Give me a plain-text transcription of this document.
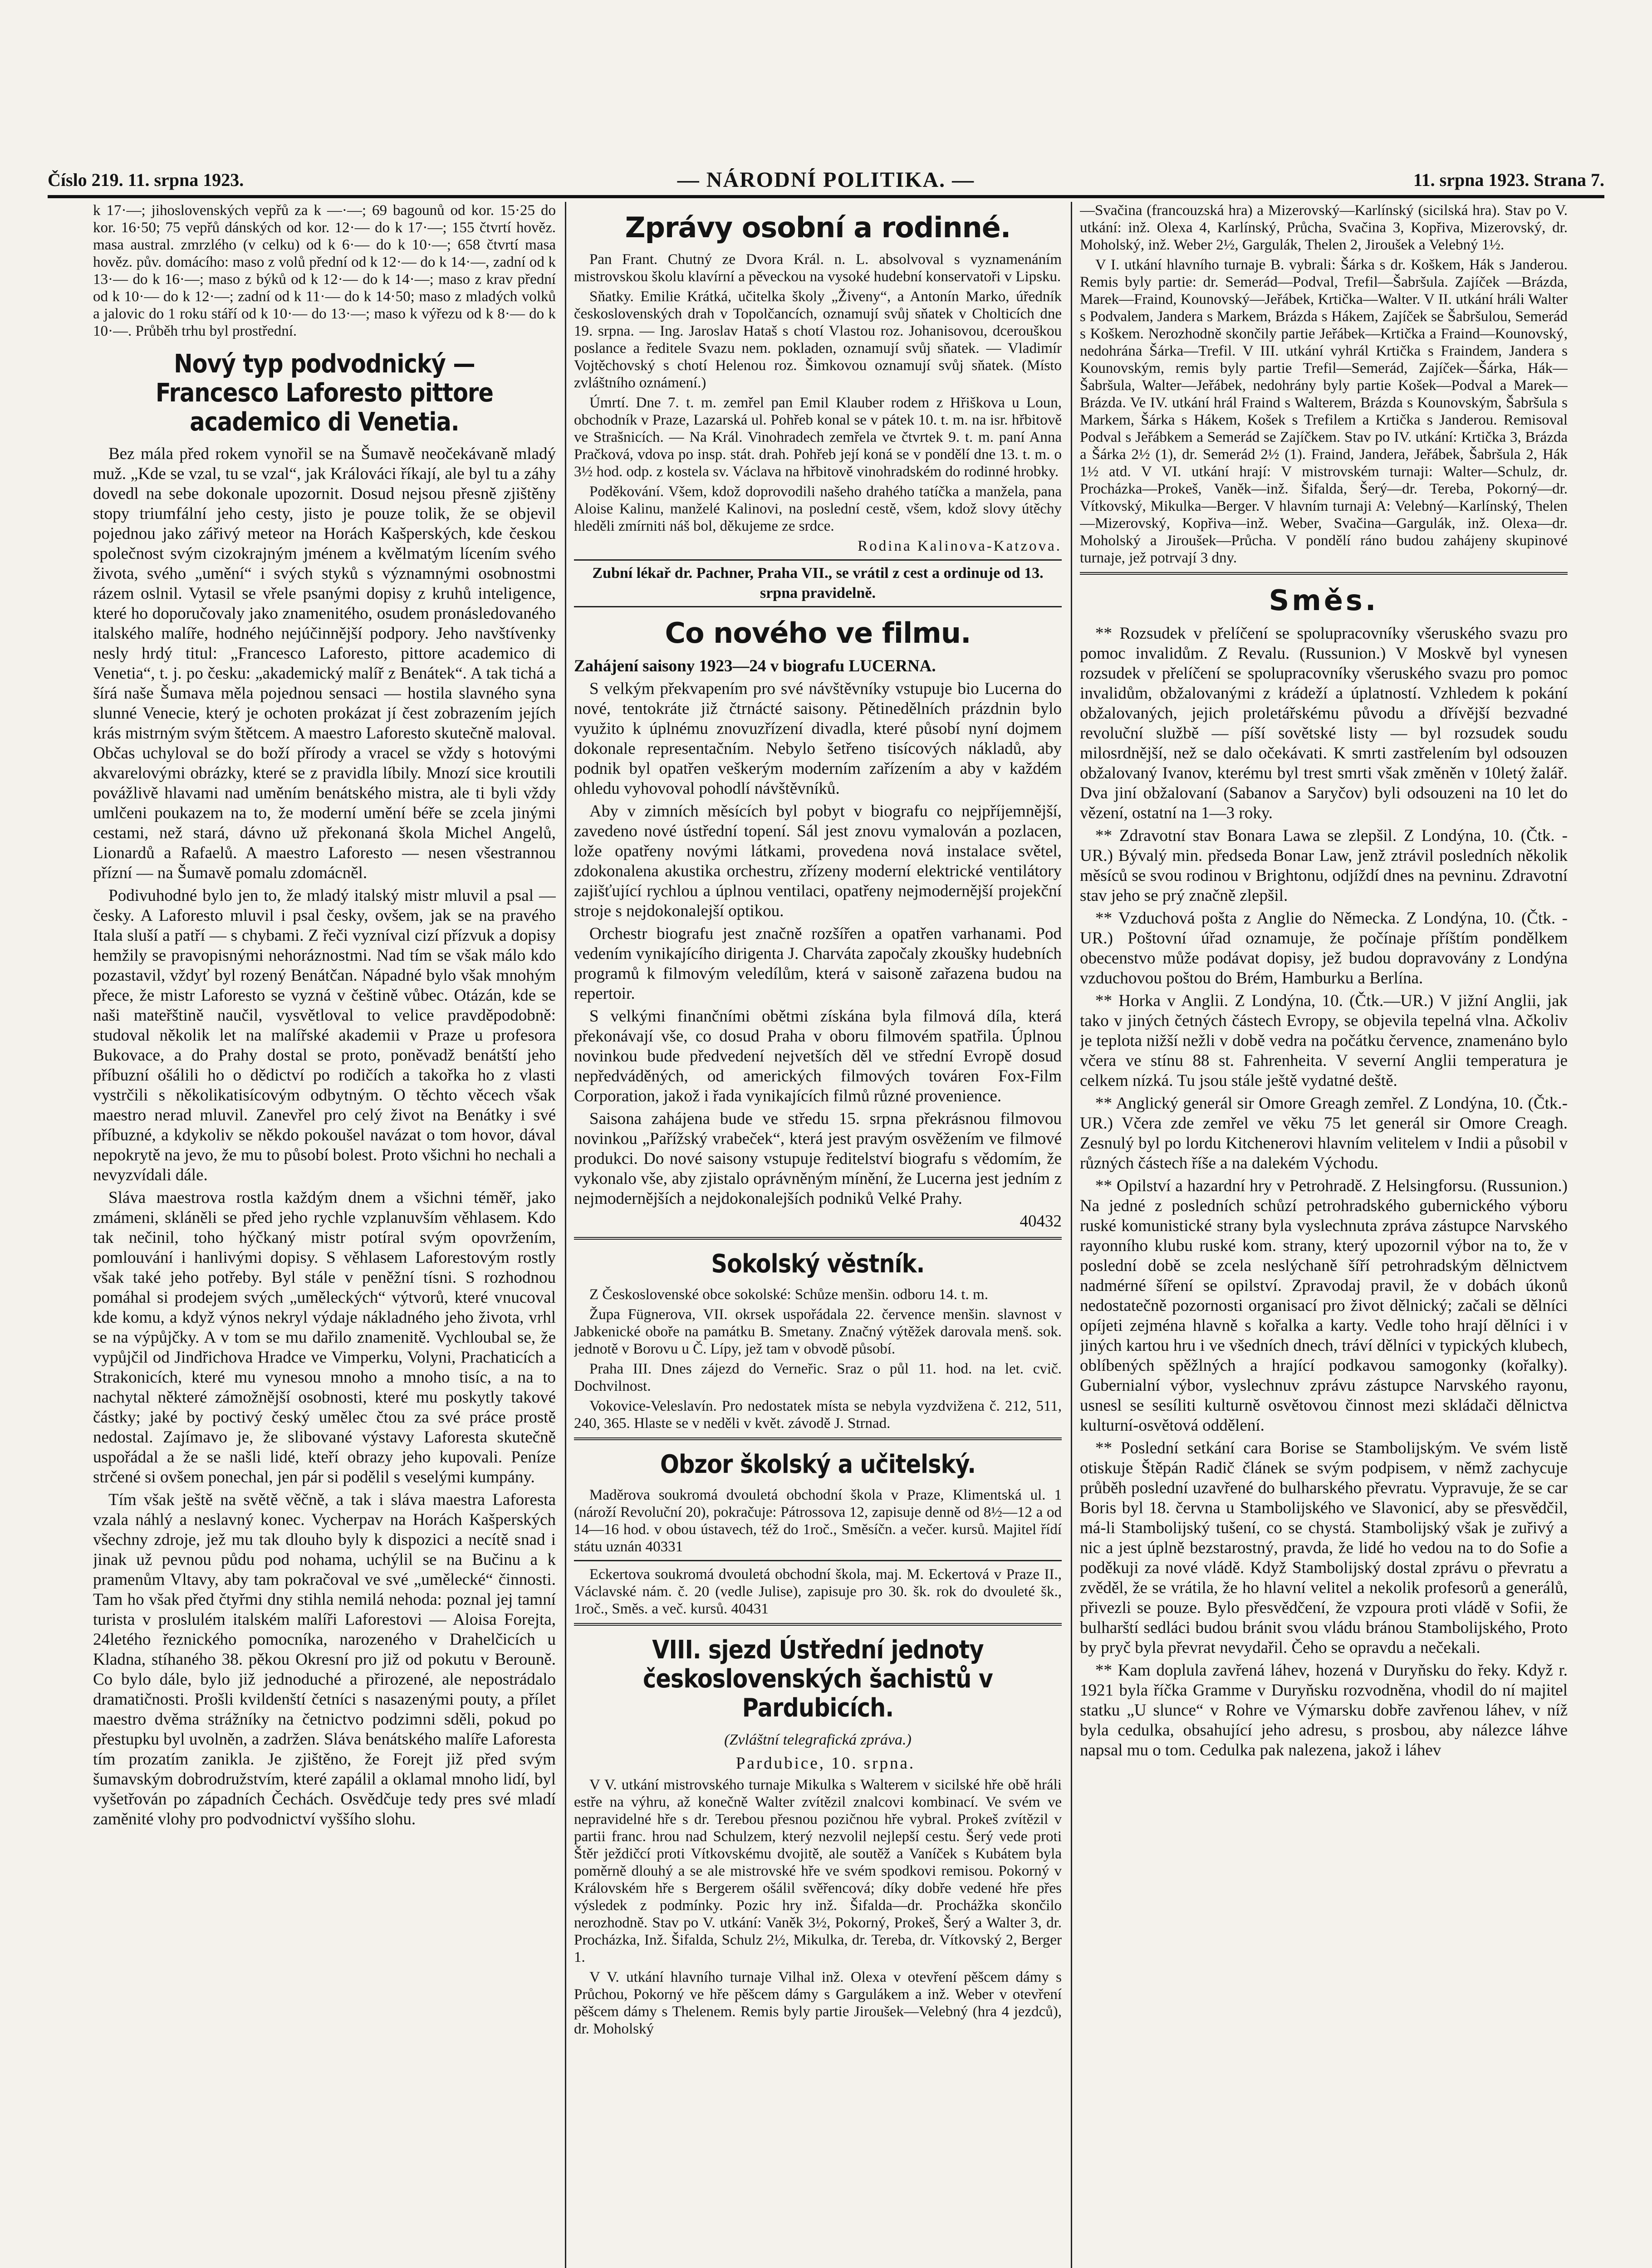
Číslo 219. 11. srpna 1923.	— NÁRODNÍ POLITIKA. —	11. srpna 1923. Strana 7.

k 17·—; jihoslovenských vepřů za k —·—; 69 bagounů od kor. 15·25 do kor. 16·50; 75 vepřů dánských od kor. 12·— do k 17·—; 155 čtvrtí hověz. masa austral. zmrzlého (v celku) od k 6·— do k 10·—; 658 čtvrtí masa hověz. pův. domácího: maso z volů přední od k 12·— do k 14·—, zadní od k 13·— do k 16·—; maso z býků od k 12·— do k 14·—; maso z krav přední od k 10·— do k 12·—; zadní od k 11·— do k 14·50; maso z mladých volků a jalovic do 1 roku stáří od k 10·— do 13·—; maso k výřezu od k 8·— do k 10·—. Průběh trhu byl prostřední.

Nový typ podvodnický — Francesco Laforesto pittore academico di Venetia.

Bez mála před rokem vynořil se na Šumavě neočekávaně mladý muž. „Kde se vzal, tu se vzal“, jak Králováci říkají, ale byl tu a záhy dovedl na sebe dokonale upozornit. Dosud nejsou přesně zjištěny stopy triumfální jeho cesty, jisto je pouze tolik, že se objevil pojednou jako zářivý meteor na Horách Kašperských, kde českou společnost svým cizokrajným jménem a kvělmatým lícením svého života, svého „umění“ i svých styků s významnými osobnostmi rázem oslnil. Vytasil se vřele psanými dopisy z kruhů inteligence, které ho doporučovaly jako znamenitého, osudem pronásledovaného italského malíře, hodného nejúčinnější podpory. Jeho navštívenky nesly hrdý titul: „Francesco Laforesto, pittore academico di Venetia“, t. j. po česku: „akademický malíř z Benátek“. A tak tichá a šírá naše Šumava měla pojednou sensaci — hostila slavného syna slunné Venecie, který je ochoten prokázat jí čest zobrazením jejích krás mistrným svým štětcem. A maestro Laforesto skutečně maloval. Občas uchyloval se do boží přírody a vracel se vždy s hotovými akvarelovými obrázky, které se z pravidla líbily. Mnozí sice kroutili povážlivě hlavami nad uměním benátského mistra, ale ti byli vždy umlčeni poukazem na to, že moderní umění béře se zcela jinými cestami, než stará, dávno už překonaná škola Michel Angelů, Lionardů a Rafaelů. A maestro Laforesto — nesen všestrannou přízní — na Šumavě pomalu zdomácněl.

Podivuhodné bylo jen to, že mladý italský mistr mluvil a psal — česky. A Laforesto mluvil i psal česky, ovšem, jak se na pravého Itala sluší a patří — s chybami. Z řeči vyzníval cizí přízvuk a dopisy hemžily se pravopisnými nehoráznostmi. Nad tím se však málo kdo pozastavil, vždyť byl rozený Benátčan. Nápadné bylo však mnohým přece, že mistr Laforesto se vyzná v češtině vůbec. Otázán, kde se naši mateřštině naučil, vysvětloval to velice pravděpodobně: studoval několik let na malířské akademii v Praze u profesora Bukovace, a do Prahy dostal se proto, poněvadž benátští jeho příbuzní ošálili ho o dědictví po rodičích a takořka ho z vlasti vystrčili s několikatisícovým odbytným. O těchto věcech však maestro nerad mluvil. Zanevřel pro celý život na Benátky i své příbuzné, a kdykoliv se někdo pokoušel navázat o tom hovor, dával nepokrytě na jevo, že mu to působí bolest. Proto všichni ho nechali a nevyzvídali dále.

Sláva maestrova rostla každým dnem a všichni téměř, jako zmámeni, skláněli se před jeho rychle vzplanuvším věhlasem. Kdo tak nečinil, toho hýčkaný mistr potíral svým opovržením, pomlouvání i hanlivými dopisy. S věhlasem Laforestovým rostly však také jeho potřeby. Byl stále v peněžní tísni. S rozhodnou pomáhal si prodejem svých „uměleckých“ výtvorů, které vnucoval kde komu, a když výnos nekryl výdaje nákladného jeho života, vrhl se na výpůjčky. A v tom se mu dařilo znamenitě. Vychloubal se, že vypůjčil od Jindřichova Hradce ve Vimperku, Volyni, Prachaticích a Strakonicích, které mu vynesou mnoho a mnoho tisíc, a na to nachytal některé zámožnější osobnosti, které mu poskytly takové částky; jaké by poctivý český umělec čtou za své práce prostě nedostal. Zajímavo je, že slibované výstavy Laforesta skutečně uspořádal a že se našli lidé, kteří obrazy jeho kupovali. Peníze strčené si ovšem ponechal, jen pár si podělil s veselými kumpány.

Tím však ještě na světě věčně, a tak i sláva maestra Laforesta vzala náhlý a neslavný konec. Vycherpav na Horách Kašperských všechny zdroje, jež mu tak dlouho byly k dispozici a necítě snad i jinak už pevnou půdu pod nohama, uchýlil se na Bučinu a k pramenům Vltavy, aby tam pokračoval ve své „umělecké“ činnosti. Tam ho však před čtyřmi dny stihla nemilá nehoda: poznal jej tamní turista v proslulém italském malíři Laforestovi — Aloisa Forejta, 24letého řeznického pomocníka, narozeného v Drahelčicích u Kladna, stíhaného 38. pěkou Okresní pro již od pokutu v Berouně. Co bylo dále, bylo již jednoduché a přirozené, ale nepostrádalo dramatičnosti. Prošli kvildenští četníci s nasazenými pouty, a přílet maestro dvěma strážníky na četnictvo podzimni sděli, pokud po přestupku byl uvolněn, a zadržen. Sláva benátského malíře Laforesta tím prozatím zanikla. Je zjištěno, že Forejt již před svým šumavským dobrodružstvím, které zapálil a oklamal mnoho lidí, byl vyšetřován po západních Čechách. Osvědčuje tedy pres své mladí zaměnité vlohy pro podvodnictví vyššího slohu.

Zprávy osobní a rodinné.

Pan Frant. Chutný ze Dvora Král. n. L. absolvoval s vyznamenáním mistrovskou školu klavírní a pěveckou na vysoké hudební konservatoři v Lipsku.

Sňatky. Emilie Krátká, učitelka školy „Živeny“, a Antonín Marko, úředník československých drah v Topolčancích, oznamují svůj sňatek v Cholticích dne 19. srpna. — Ing. Jaroslav Hataš s chotí Vlastou roz. Johanisovou, dcerouškou poslance a ředitele Svazu nem. pokladen, oznamují svůj sňatek. — Vladimír Vojtěchovský s chotí Helenou roz. Šimkovou oznamují svůj sňatek. (Místo zvláštního oznámení.)

Úmrtí. Dne 7. t. m. zemřel pan Emil Klauber rodem z Hřiškova u Loun, obchodník v Praze, Lazarská ul. Pohřeb konal se v pátek 10. t. m. na isr. hřbitově ve Strašnicích. — Na Král. Vinohradech zemřela ve čtvrtek 9. t. m. paní Anna Pračková, vdova po insp. stát. drah. Pohřeb její koná se v pondělí dne 13. t. m. o 3½ hod. odp. z kostela sv. Václava na hřbitově vinohradském do rodinné hrobky.

Poděkování. Všem, kdož doprovodili našeho drahého tatíčka a manžela, pana Aloise Kalinu, manželé Kalinovi, na poslední cestě, všem, kdož slovy útěchy hleděli zmírniti náš bol, děkujeme ze srdce.

Rodina Kalinova-Katzova.

Zubní lékař dr. Pachner, Praha VII., se vrátil z cest a ordinuje od 13. srpna pravidelně.
Co nového ve filmu.

Zahájení saisony 1923—24 v biografu LUCERNA.

S velkým překvapením pro své návštěvníky vstupuje bio Lucerna do nové, tentokráte již čtrnácté saisony. Pětinedělních prázdnin bylo využito k úplnému znovuzřízení divadla, které působí nyní dojmem dokonale representačním. Nebylo šetřeno tisícových nákladů, aby podnik byl opatřen veškerým moderním zařízením a aby v každém ohledu vyhovoval pohodlí návštěvníků.

Aby v zimních měsících byl pobyt v biografu co nejpříjemnější, zavedeno nové ústřední topení. Sál jest znovu vymalován a pozlacen, lože opatřeny novými látkami, provedena nová instalace světel, zdokonalena akustika orchestru, zřízeny moderní elektrické ventilátory zajišťující rychlou a úplnou ventilaci, opatřeny nejmodernější projekční stroje s nejdokonalejší optikou.

Orchestr biografu jest značně rozšířen a opatřen varhanami. Pod vedením vynikajícího dirigenta J. Charváta započaly zkoušky hudebních programů k filmovým veledílům, která v saisoně zařazena budou na repertoir.

S velkými finančními obětmi získána byla filmová díla, která překonávají vše, co dosud Praha v oboru filmovém spatřila. Úplnou novinkou bude předvedení nejvetších děl ve střední Evropě dosud nepředváděných, od amerických filmových továren Fox-Film Corporation, jakož i řada vynikajících filmů různé provenience.

Saisona zahájena bude ve středu 15. srpna překrásnou filmovou novinkou „Pařížský vrabeček“, která jest pravým osvěžením ve filmové produkci. Do nové saisony vstupuje ředitelství biografu s vědomím, že vykonalo vše, aby zjistalo oprávněným mínění, že Lucerna jest jedním z nejmodernějších a nejdokonalejších podniků Velké Prahy.

40432

Sokolský věstník.

Z Československé obce sokolské: Schůze menšin. odboru 14. t. m.

Župa Fügnerova, VII. okrsek uspořádala 22. července menšin. slavnost v Jabkenické oboře na památku B. Smetany. Značný výtěžek darovala menš. sok. jednotě v Borovu u Č. Lípy, jež tam v obvodě působí.

Praha III. Dnes zájezd do Verneřic. Sraz o půl 11. hod. na let. cvič. Dochvilnost.

Vokovice-Veleslavín. Pro nedostatek místa se nebyla vyzdvižena č. 212, 511, 240, 365. Hlaste se v neděli v květ. závodě J. Strnad.

Obzor školský a učitelský.

Maděrova soukromá dvouletá obchodní škola v Praze, Klimentská ul. 1 (nároží Revoluční 20), pokračuje: Pátrossova 12, zapisuje denně od 8½—12 a od 14—16 hod. v obou ústavech, též do 1roč., Směsíčn. a večer. kursů. Majitel řídí státu uznán 40331

Eckertova soukromá dvouletá obchodní škola, maj. M. Eckertová v Praze II., Václavské nám. č. 20 (vedle Julise), zapisuje pro 30. šk. rok do dvouleté šk., 1roč., Směs. a več. kursů. 40431

VIII. sjezd Ústřední jednoty československých šachistů v Pardubicích.
(Zvláštní telegrafická zpráva.)

Pardubice, 10. srpna.

V V. utkání mistrovského turnaje Mikulka s Walterem v sicilské hře obě hráli estře na výhru, až konečně Walter zvítězil znalcovi kombinací. Ve svém ve nepravidelné hře s dr. Terebou přesnou pozičnou hře vybral. Prokeš zvítězil v partii franc. hrou nad Schulzem, který nezvolil nejlepší cestu. Šerý vede proti Štěr ježdičcí proti Vítkovskému dvojitě, ale soutěž a Vaníček s Kubátem byla poměrně dlouhý a se ale mistrovské hře ve svém spodkovi remisou. Pokorný v Královském hře s Bergerem ošálil svěřencová; díky dobře vedené hře přes výsledek z podmínky. Pozic hry inž. Šifalda—dr. Prochážka skončilo nerozhodně. Stav po V. utkání: Vaněk 3½, Pokorný, Prokeš, Šerý a Walter 3, dr. Procházka, Inž. Šifalda, Schulz 2½, Mikulka, dr. Tereba, dr. Vítkovský 2, Berger 1.

V V. utkání hlavního turnaje Vilhal inž. Olexa v otevření pěšcem dámy s Průchou, Pokorný ve hře pěšcem dámy s Gargulákem a inž. Weber v otevření pěšcem dámy s Thelenem. Remis byly partie Jiroušek—Velebný (hra 4 jezdců), dr. Moholský

—Svačina (francouzská hra) a Mizerovský—Karlínský (sicilská hra). Stav po V. utkání: inž. Olexa 4, Karlínský, Průcha, Svačina 3, Kopřiva, Mizerovský, dr. Moholský, inž. Weber 2½, Gargulák, Thelen 2, Jiroušek a Velebný 1½.

V I. utkání hlavního turnaje B. vybrali: Šárka s dr. Koškem, Hák s Janderou. Remis byly partie: dr. Semerád—Podval, Trefil—Šabršula. Zajíček —Brázda, Marek—Fraind, Kounovský—Jeřábek, Krtička—Walter. V II. utkání hráli Walter s Podvalem, Jandera s Markem, Brázda s Hákem, Zajíček se Šabršulou, Semerád s Koškem. Nerozhodně skončily partie Jeřábek—Krtička a Fraind—Kounovský, nedohrána Šárka—Trefil. V III. utkání vyhrál Krtička s Fraindem, Jandera s Kounovským, remis byly partie Trefil—Semerád, Zajíček—Šárka, Hák—Šabršula, Walter—Jeřábek, nedohrány byly partie Košek—Podval a Marek—Brázda. Ve IV. utkání hrál Fraind s Walterem, Brázda s Kounovským, Šabršula s Markem, Šárka s Hákem, Košek s Trefilem a Krtička s Janderou. Remisoval Podval s Jeřábkem a Semerád se Zajíčkem. Stav po IV. utkání: Krtička 3, Brázda a Šárka 2½ (1), dr. Semerád 2½ (1). Fraind, Jandera, Jeřábek, Šabršula 2, Hák 1½ atd. V VI. utkání hrají: V mistrovském turnaji: Walter—Schulz, dr. Procházka—Prokeš, Vaněk—inž. Šifalda, Šerý—dr. Tereba, Pokorný—dr. Vítkovský, Mikulka—Berger. V hlavním turnaji A: Velebný—Karlínský, Thelen—Mizerovský, Kopřiva—inž. Weber, Svačina—Gargulák, inž. Olexa—dr. Moholský a Jiroušek—Průcha. V pondělí ráno budou zahájeny skupinové turnaje, jež potrvají 3 dny.

Směs.

** Rozsudek v přelíčení se spolupracovníky všeruského svazu pro pomoc invalidům. Z Revalu. (Russunion.) V Moskvě byl vynesen rozsudek v přelíčení se spolupracovníky všeruského svazu pro pomoc invalidům, obžalovanými z krádeží a úplatností. Vzhledem k pokání obžalovaných, jejich proletářskému původu a dřívější bezvadné revoluční službě — píší sovětské listy — byl rozsudek soudu milosrdnější, než se dalo očekávati. K smrti zastřelením byl odsouzen obžalovaný Ivanov, kterému byl trest smrti však změněn v 10letý žalář. Dva jiní obžalovaní (Sabanov a Saryčov) byli odsouzeni na 10 let do vězení, ostatní na 1—3 roky.

** Zdravotní stav Bonara Lawa se zlepšil. Z Londýna, 10. (Čtk. - UR.) Bývalý min. předseda Bonar Law, jenž ztrávil posledních několik měsíců se svou rodinou v Brightonu, odjíždí dnes na pevninu. Zdravotní stav jeho se prý značně zlepšil.

** Vzduchová pošta z Anglie do Německa. Z Londýna, 10. (Čtk. - UR.) Poštovní úřad oznamuje, že počínaje příštím pondělkem obecenstvo může podávat dopisy, jež budou dopravovány z Londýna vzduchovou poštou do Brém, Hamburku a Berlína.

** Horka v Anglii. Z Londýna, 10. (Čtk.—UR.) V jižní Anglii, jak tako v jiných četných částech Evropy, se objevila tepelná vlna. Ačkoliv je teplota nižší nežli v době vedra na počátku července, znamenáno bylo včera ve stínu 88 st. Fahrenheita. V severní Anglii temperatura je celkem nízká. Tu jsou stále ještě vydatné deště.

** Anglický generál sir Omore Greagh zemřel. Z Londýna, 10. (Čtk.-UR.) Včera zde zemřel ve věku 75 let generál sir Omore Creagh. Zesnulý byl po lordu Kitchenerovi hlavním velitelem v Indii a působil v různých částech říše a na dalekém Východu.

** Opilství a hazardní hry v Petrohradě. Z Helsingforsu. (Russunion.) Na jedné z posledních schůzí petrohradského gubernického výboru ruské komunistické strany byla vyslechnuta zpráva zástupce Narvského rayonního klubu ruské kom. strany, který upozornil výbor na to, že v poslední době se zcela neslýchaně šíří petrohradským dělnictvem nadmérné šíření se opilství. Zpravodaj pravil, že v dobách úkonů nedostatečně pozornosti organisací pro život dělnický; začali se dělníci opíjeti zejména hlavně s kořalka a karty. Vedle toho hrají dělníci i v jiných kartou hru i ve všedních dnech, tráví dělníci v typických klubech, oblíbených spěžlných a hrající podkavou samogonky (kořalky). Gubernialní výbor, vyslechnuv zprávu zástupce Narvského rayonu, usnesl se sesíliti kulturně osvětovou činnost mezi skládači dělnictva kulturní-osvětová oddělení.

** Poslední setkání cara Borise se Stambolijským. Ve svém listě otiskuje Štěpán Radič článek se svým podpisem, v němž zachycuje průběh poslední uzavřené do bulharského převratu. Vypravuje, že se car Boris byl 18. června u Stambolijského ve Slavonicí, aby se přesvědčil, má-li Stambolijský tušení, co se chystá. Stambolijský však je zuřivý a nic a jest úplně bezstarostný, pravda, že lidé ho vedou na to do Sofie a poděkuji za nové vládě. Když Stambolijský dostal zprávu o převratu a zvěděl, že se vrátila, že ho hlavní velitel a nekolik profesorů a generálů, přivezli se pouze. Bylo přesvědčení, že vzpoura proti vládě v Sofii, že bulharští sedláci budou bránit svou vládu bránou Stambolijského, Proto by pryč byla převrat nevydařil. Čeho se opravdu a nečekali.

** Kam doplula zavřená láhev, hozená v Duryňsku do řeky. Když r. 1921 byla říčka Gramme v Duryňsku rozvodněna, vhodil do ní majitel statku „U slunce“ v Rohre ve Výmarsku dobře zavřenou láhev, v níž byla cedulka, obsahující jeho adresu, s prosbou, aby nálezce láhve napsal mu o tom. Cedulka pak nalezena, jakož i láhev
